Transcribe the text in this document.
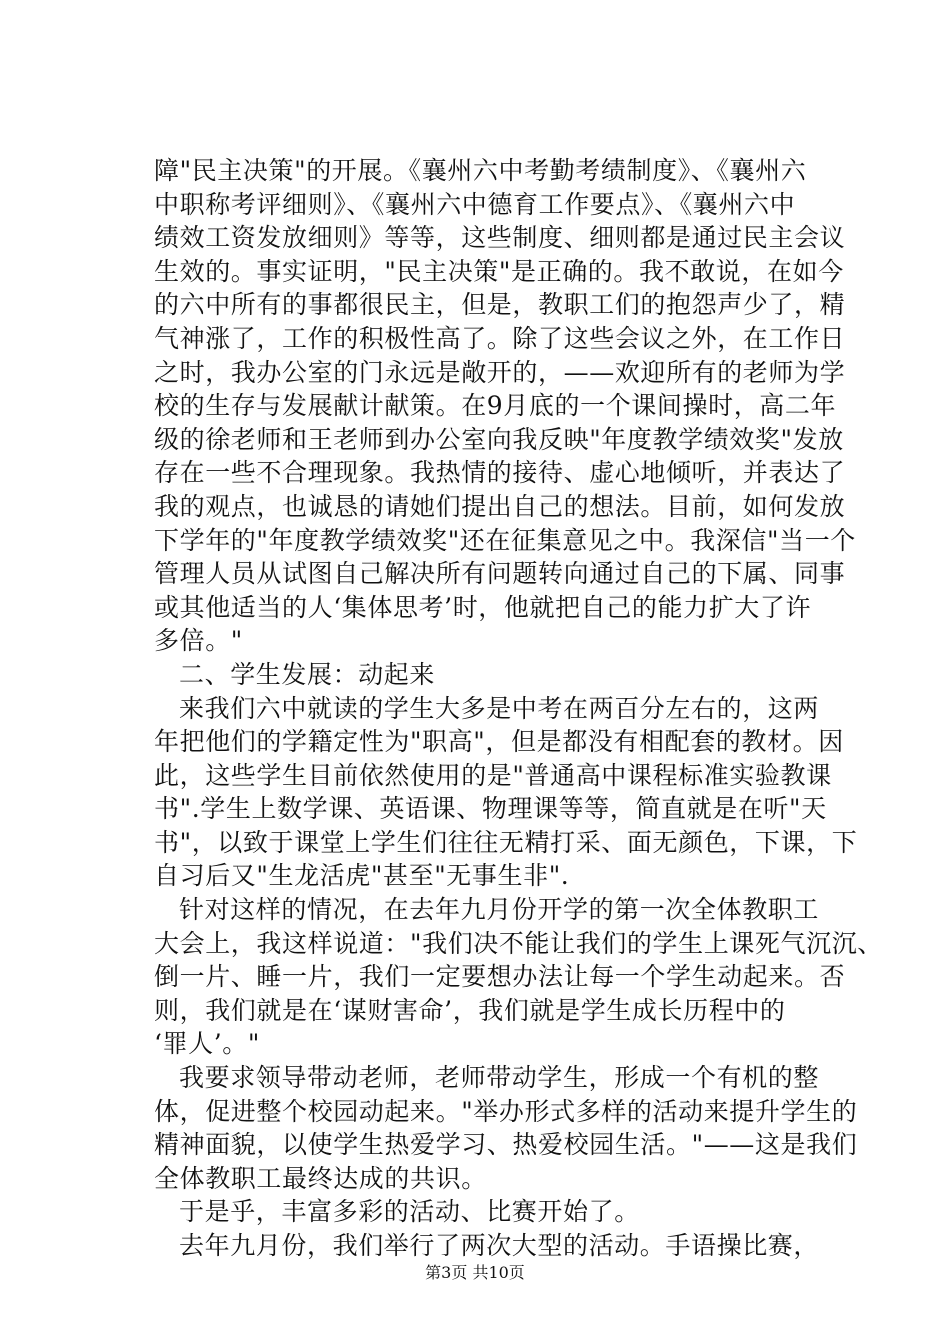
障"民主决策"的开展。《襄州六中考勤考绩制度》、《襄州六
中职称考评细则》、《襄州六中德育工作要点》、《襄州六中
绩效工资发放细则》等等，这些制度、细则都是通过民主会议
生效的。事实证明，"民主决策"是正确的。我不敢说，在如今
的六中所有的事都很民主，但是，教职工们的抱怨声少了，精
气神涨了，工作的积极性高了。除了这些会议之外，在工作日
之时，我办公室的门永远是敞开的，——欢迎所有的老师为学
校的生存与发展献计献策。在9月底的一个课间操时，高二年
级的徐老师和王老师到办公室向我反映"年度教学绩效奖"发放
存在一些不合理现象。我热情的接待、虚心地倾听，并表达了
我的观点，也诚恳的请她们提出自己的想法。目前，如何发放
下学年的"年度教学绩效奖"还在征集意见之中。我深信"当一个
管理人员从试图自己解决所有问题转向通过自己的下属、同事
或其他适当的人‘集体思考’时，他就把自己的能力扩大了许
多倍。"
二、学生发展：动起来
来我们六中就读的学生大多是中考在两百分左右的，这两
年把他们的学籍定性为"职高"，但是都没有相配套的教材。因
此，这些学生目前依然使用的是"普通高中课程标准实验教课
书".学生上数学课、英语课、物理课等等，简直就是在听"天
书"，以致于课堂上学生们往往无精打采、面无颜色，下课，下
自习后又"生龙活虎"甚至"无事生非".
针对这样的情况，在去年九月份开学的第一次全体教职工
大会上，我这样说道："我们决不能让我们的学生上课死气沉沉、
倒一片、睡一片，我们一定要想办法让每一个学生动起来。否
则，我们就是在‘谋财害命’，我们就是学生成长历程中的
‘罪人’。"
我要求领导带动老师，老师带动学生，形成一个有机的整
体，促进整个校园动起来。"举办形式多样的活动来提升学生的
精神面貌，以使学生热爱学习、热爱校园生活。"——这是我们
全体教职工最终达成的共识。
于是乎，丰富多彩的活动、比赛开始了。
去年九月份，我们举行了两次大型的活动。手语操比赛，
第3页 共10页
